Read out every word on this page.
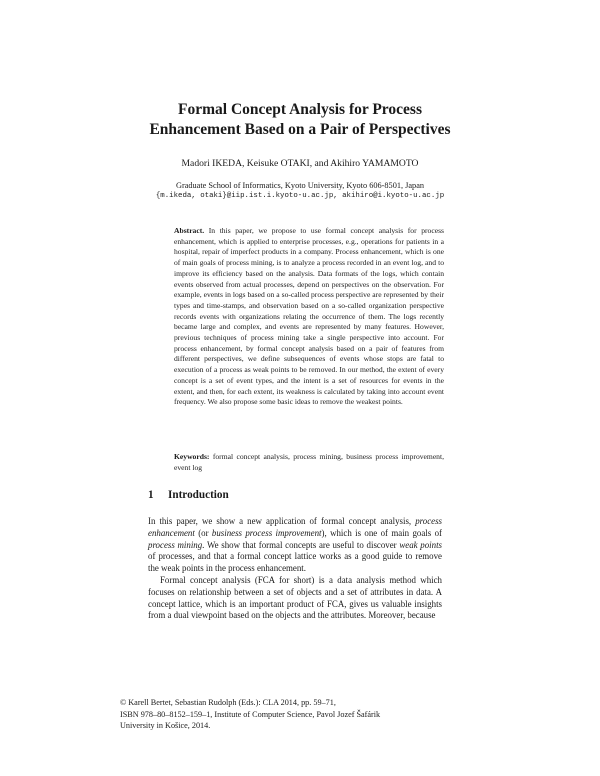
Formal Concept Analysis for Process
Enhancement Based on a Pair of Perspectives
Madori IKEDA, Keisuke OTAKI, and Akihiro YAMAMOTO
Graduate School of Informatics, Kyoto University, Kyoto 606-8501, Japan
{m.ikeda, otaki}@iip.ist.i.kyoto-u.ac.jp, akihiro@i.kyoto-u.ac.jp
Abstract. In this paper, we propose to use formal concept analysis for process enhancement, which is applied to enterprise processes, e.g., operations for patients in a hospital, repair of imperfect products in a company. Process enhancement, which is one of main goals of process mining, is to analyze a process recorded in an event log, and to improve its efficiency based on the analysis. Data formats of the logs, which contain events observed from actual processes, depend on perspectives on the observation. For example, events in logs based on a so-called process perspective are represented by their types and time-stamps, and observation based on a so-called organization perspective records events with organizations relating the occurrence of them. The logs recently became large and complex, and events are represented by many features. However, previous techniques of process mining take a single perspective into account. For process enhancement, by formal concept analysis based on a pair of features from different perspectives, we define subsequences of events whose stops are fatal to execution of a process as weak points to be removed. In our method, the extent of every concept is a set of event types, and the intent is a set of resources for events in the extent, and then, for each extent, its weakness is calculated by taking into account event frequency. We also propose some basic ideas to remove the weakest points.
Keywords: formal concept analysis, process mining, business process improvement, event log
1 Introduction
In this paper, we show a new application of formal concept analysis, process enhancement (or business process improvement), which is one of main goals of process mining. We show that formal concepts are useful to discover weak points of processes, and that a formal concept lattice works as a good guide to remove the weak points in the process enhancement.
Formal concept analysis (FCA for short) is a data analysis method which focuses on relationship between a set of objects and a set of attributes in data. A concept lattice, which is an important product of FCA, gives us valuable insights from a dual viewpoint based on the objects and the attributes. Moreover, because
© Karell Bertet, Sebastian Rudolph (Eds.): CLA 2014, pp. 59–71,
ISBN 978–80–8152–159–1, Institute of Computer Science, Pavol Jozef Šafárik
University in Košice, 2014.
